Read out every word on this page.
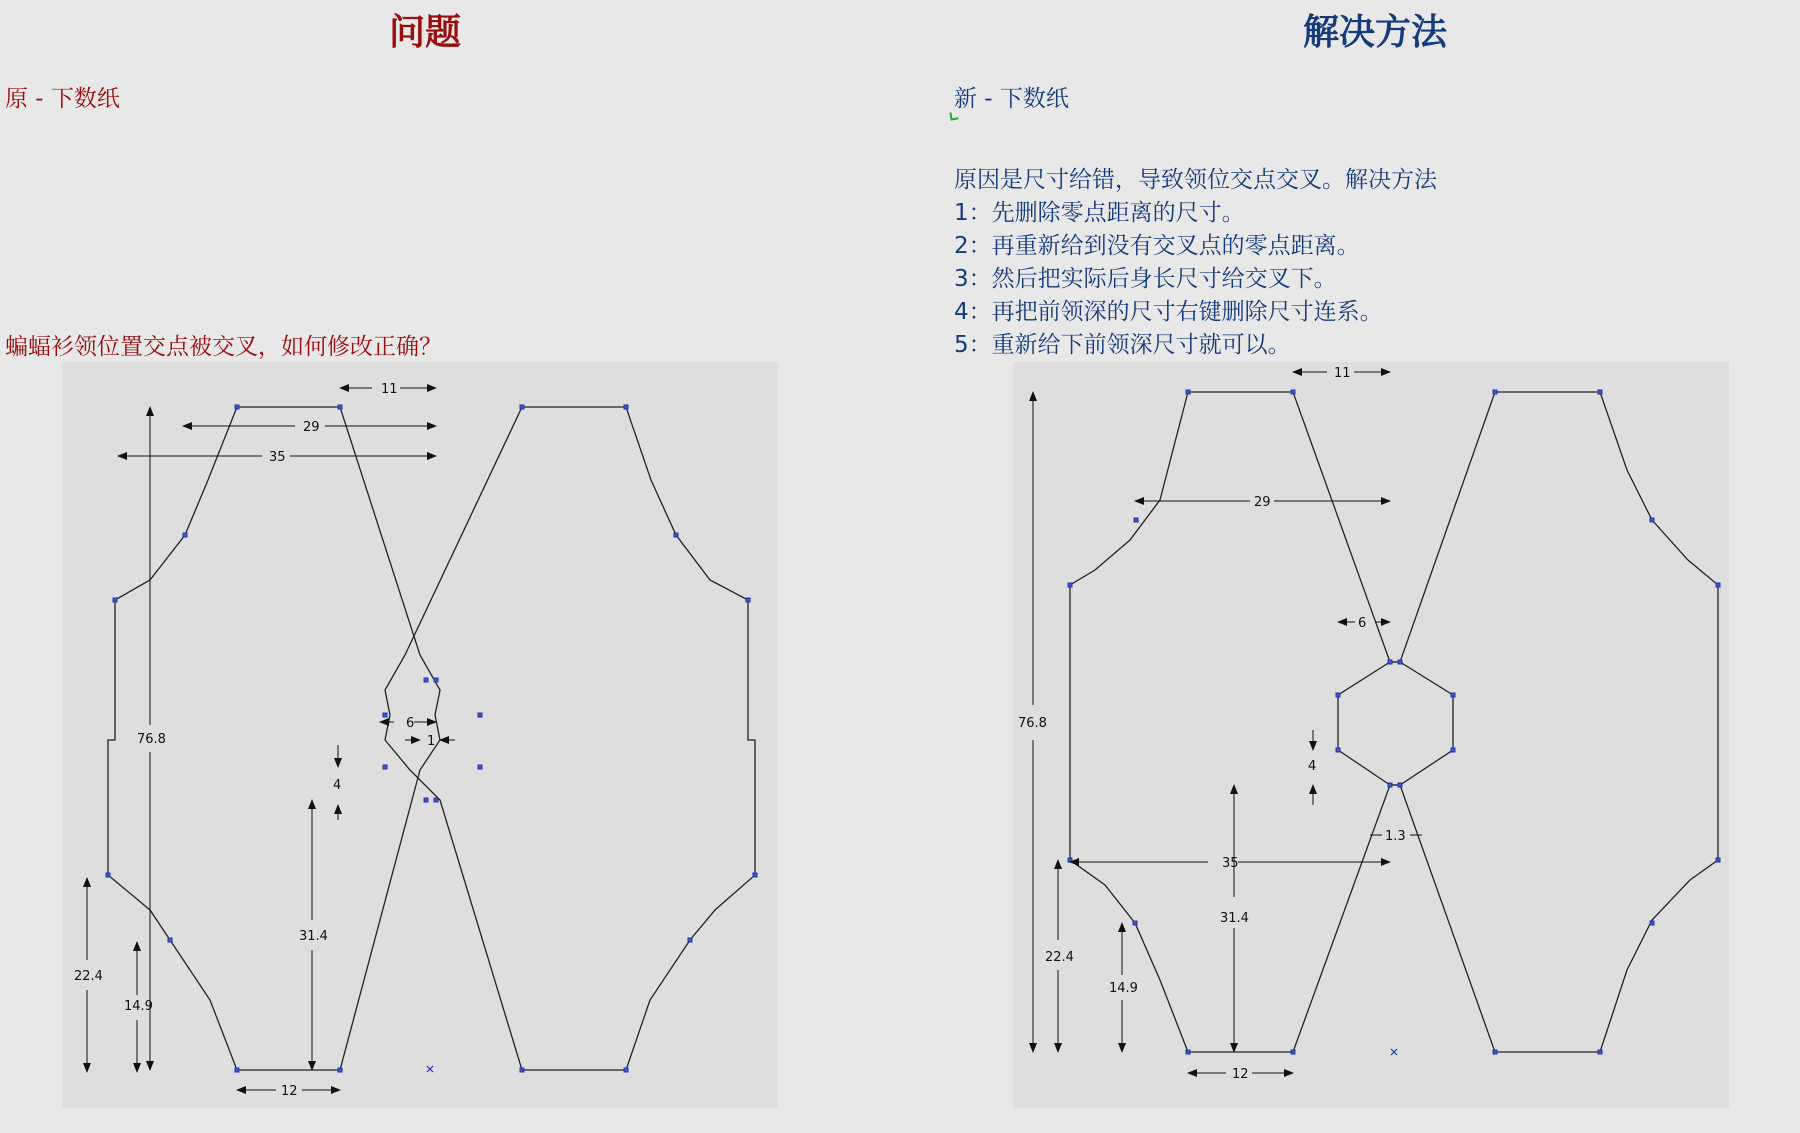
问题	解决方法
原 - 下数纸	新 - 下数纸
原因是尺寸给错，导致领位交点交叉。解决方法
1：先删除零点距离的尺寸。
2：再重新给到没有交叉点的零点距离。
3：然后把实际后身长尺寸给交叉下。
4：再把前领深的尺寸右键删除尺寸连系。
5：重新给下前领深尺寸就可以。
蝙蝠衫领位置交点被交叉，如何修改正确？
11
29
35
76.8
6
1
4
31.4
22.4
14.9
12
11
29
6
76.8
4
1.3
35
31.4
22.4
14.9
12
